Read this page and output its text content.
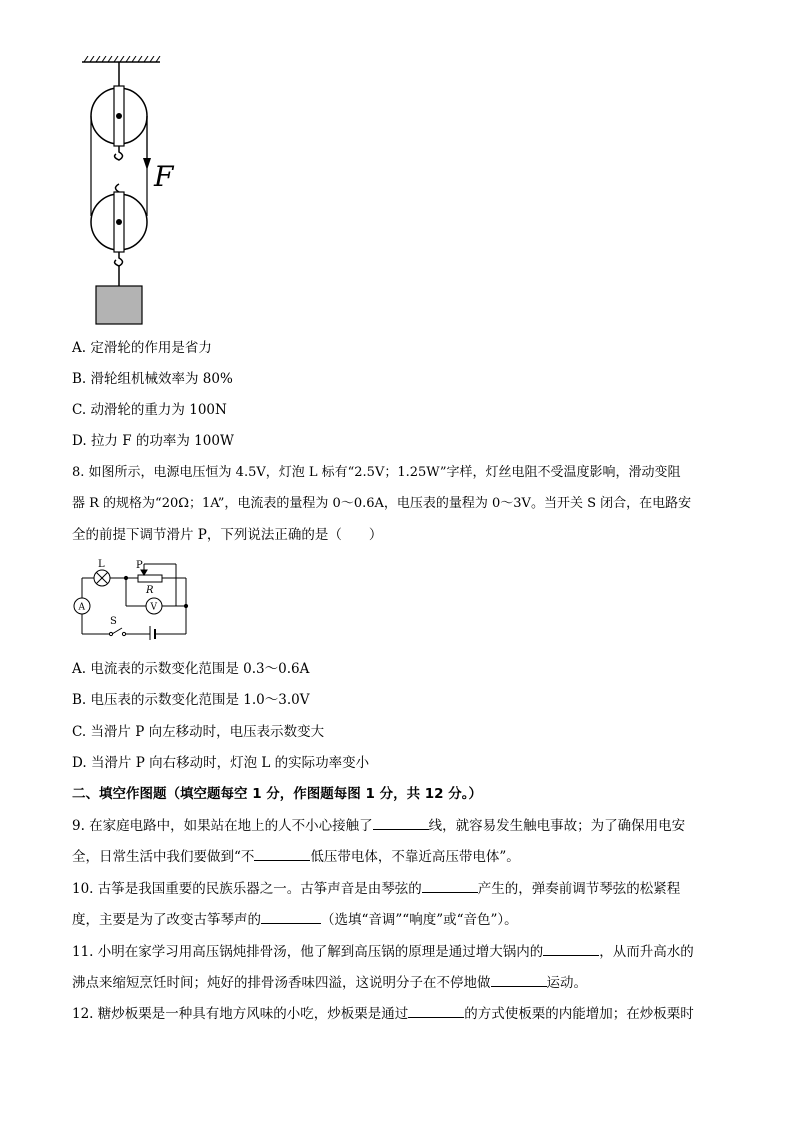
F
A. 定滑轮的作用是省力
B. 滑轮组机械效率为 80%
C. 动滑轮的重力为 100N
D. 拉力 F 的功率为 100W
8. 如图所示，电源电压恒为 4.5V，灯泡 L 标有“2.5V；1.25W”字样，灯丝电阻不受温度影响，滑动变阻
器 R 的规格为“20Ω；1A”，电流表的量程为 0～0.6A，电压表的量程为 0～3V。当开关 S 闭合，在电路安
全的前提下调节滑片 P，下列说法正确的是（　　）
L	P
R
A	V
S
A. 电流表的示数变化范围是 0.3～0.6A
B. 电压表的示数变化范围是 1.0～3.0V
C. 当滑片 P 向左移动时，电压表示数变大
D. 当滑片 P 向右移动时，灯泡 L 的实际功率变小
二、填空作图题（填空题每空 1 分，作图题每图 1 分，共 12 分。）
9. 在家庭电路中，如果站在地上的人不小心接触了	线，就容易发生触电事故；为了确保用电安
全，日常生活中我们要做到“不	低压带电体，不靠近高压带电体”。
10. 古筝是我国重要的民族乐器之一。古筝声音是由琴弦的	产生的，弹奏前调节琴弦的松紧程
度，主要是为了改变古筝琴声的	（选填“音调”“响度”或“音色”）。
11. 小明在家学习用高压锅炖排骨汤，他了解到高压锅的原理是通过增大锅内的	，从而升高水的
沸点来缩短烹饪时间；炖好的排骨汤香味四溢，这说明分子在不停地做	运动。
12. 糖炒板栗是一种具有地方风味的小吃，炒板栗是通过	的方式使板栗的内能增加；在炒板栗时
